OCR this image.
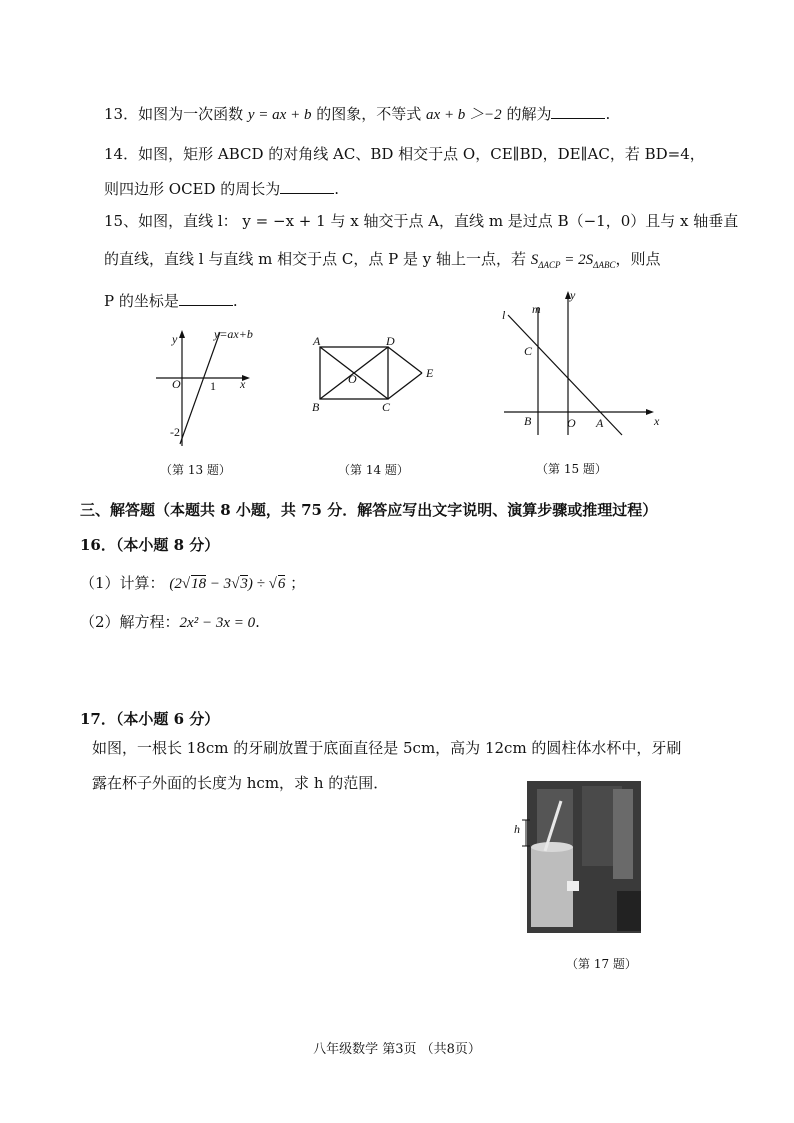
13．如图为一次函数 y = ax + b 的图象，不等式 ax + b ＞−2 的解为	.
14．如图，矩形 ABCD 的对角线 AC、BD 相交于点 O，CE∥BD，DE∥AC，若 BD=4，
则四边形 OCED 的周长为	.
15、如图，直线 l： y = −x + 1 与 x 轴交于点 A，直线 m 是过点 B（−1，0）且与 x 轴垂直
的直线，直线 l 与直线 m 相交于点 C，点 P 是 y 轴上一点，若 $S_{\Delta ACP} = 2S_{\Delta ABC}$，则点
P 的坐标是	.
y
x
O 1
-2
y=ax+b
（第 13 题）
A	D
B	C
E
O
（第 14 题）
l m
y
x
C
B	O A
（第 15 题）
三、解答题（本题共 8 小题，共 75 分．解答应写出文字说明、演算步骤或推理过程）
16．（本小题 8 分）
（1）计算： (2√18 − 3√3) ÷ √6 ；
（2）解方程：2x² − 3x = 0.
17．（本小题 6 分）
如图，一根长 18cm 的牙刷放置于底面直径是 5cm，高为 12cm 的圆柱体水杯中，牙刷
露在杯子外面的长度为 hcm，求 h 的范围．
h
（第 17 题）
八年级数学 第3页 （共8页）
